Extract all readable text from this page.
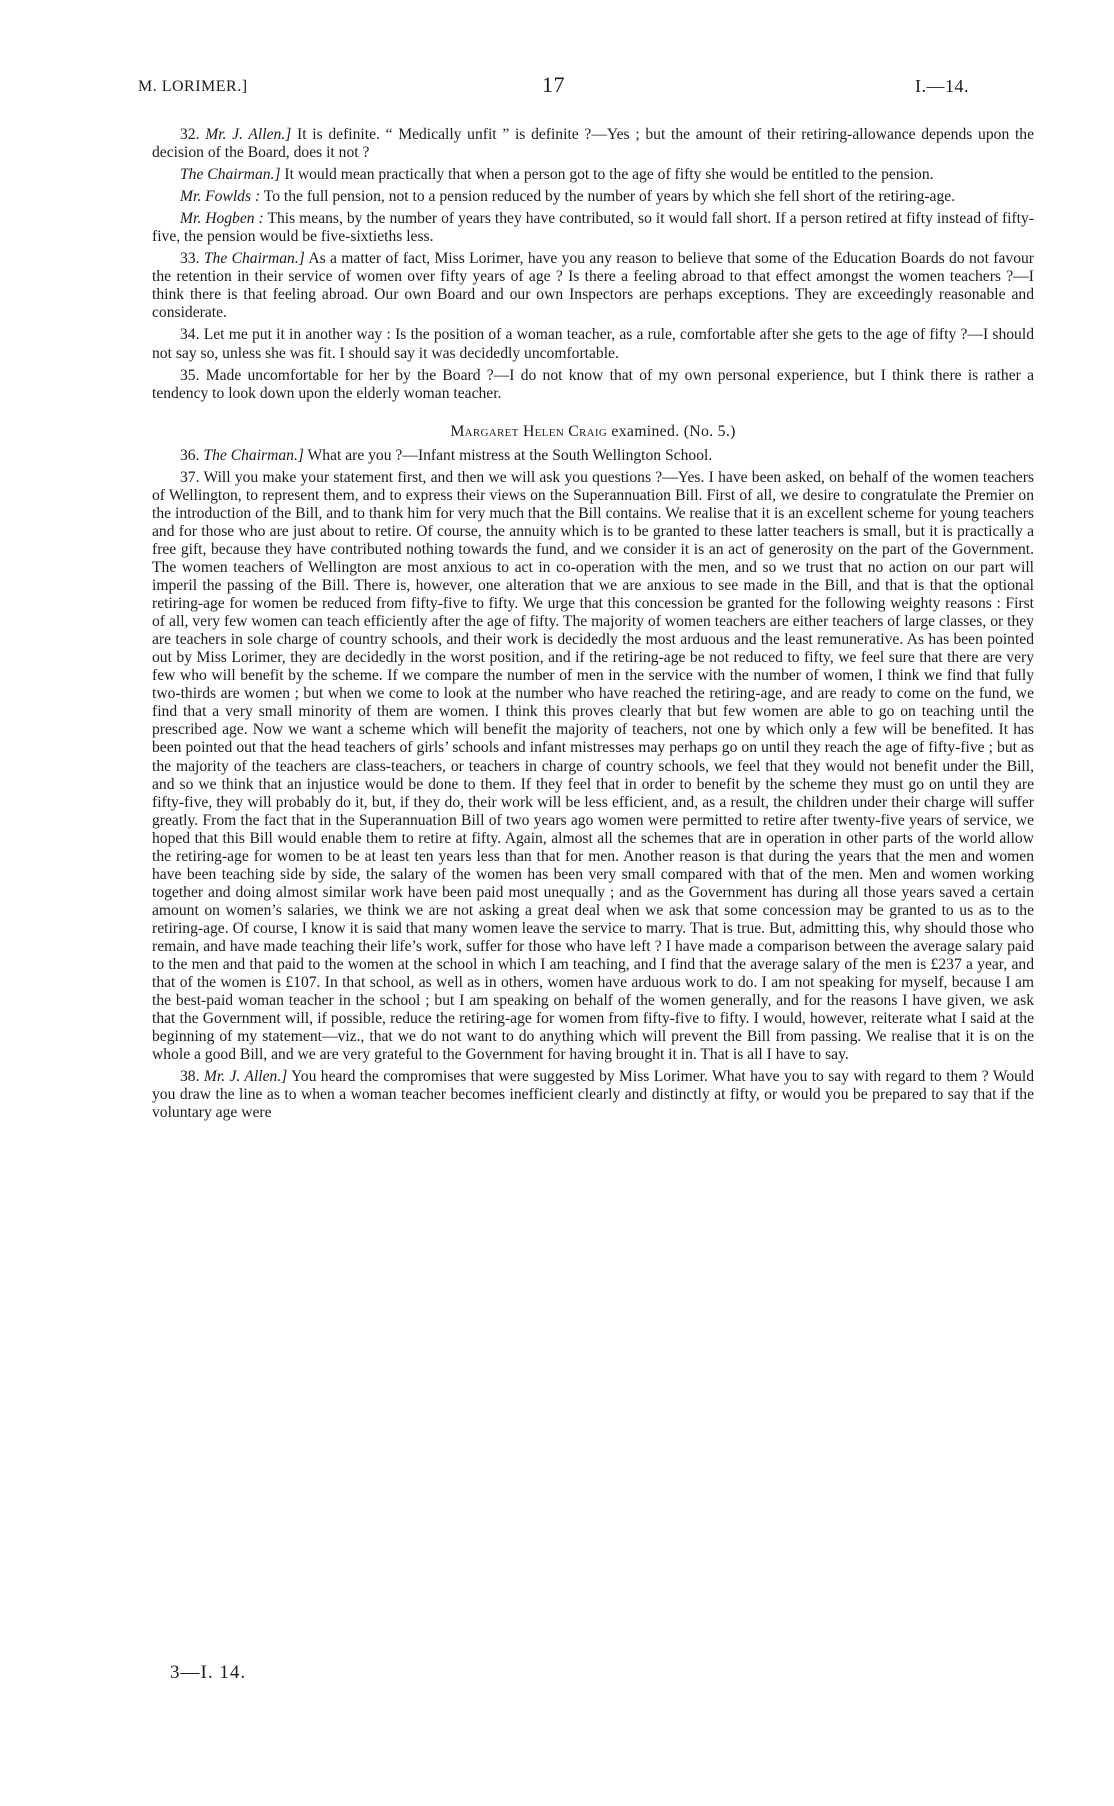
M. LORIMER.]	17	I.—14.

32. Mr. J. Allen.] It is definite. “ Medically unfit ” is definite ?—Yes ; but the amount of their retiring-allowance depends upon the decision of the Board, does it not ?

The Chairman.] It would mean practically that when a person got to the age of fifty she would be entitled to the pension.

Mr. Fowlds : To the full pension, not to a pension reduced by the number of years by which she fell short of the retiring-age.

Mr. Hogben : This means, by the number of years they have contributed, so it would fall short. If a person retired at fifty instead of fifty-five, the pension would be five-sixtieths less.

33. The Chairman.] As a matter of fact, Miss Lorimer, have you any reason to believe that some of the Education Boards do not favour the retention in their service of women over fifty years of age ? Is there a feeling abroad to that effect amongst the women teachers ?—I think there is that feeling abroad. Our own Board and our own Inspectors are perhaps exceptions. They are exceedingly reasonable and considerate.

34. Let me put it in another way : Is the position of a woman teacher, as a rule, comfortable after she gets to the age of fifty ?—I should not say so, unless she was fit. I should say it was decidedly uncomfortable.

35. Made uncomfortable for her by the Board ?—I do not know that of my own personal experience, but I think there is rather a tendency to look down upon the elderly woman teacher.

Margaret Helen Craig examined. (No. 5.)

36. The Chairman.] What are you ?—Infant mistress at the South Wellington School.

37. Will you make your statement first, and then we will ask you questions ?—Yes. I have been asked, on behalf of the women teachers of Wellington, to represent them, and to express their views on the Superannuation Bill. First of all, we desire to congratulate the Premier on the introduction of the Bill, and to thank him for very much that the Bill contains. We realise that it is an excellent scheme for young teachers and for those who are just about to retire. Of course, the annuity which is to be granted to these latter teachers is small, but it is practically a free gift, because they have contributed nothing towards the fund, and we consider it is an act of generosity on the part of the Government. The women teachers of Wellington are most anxious to act in co-operation with the men, and so we trust that no action on our part will imperil the passing of the Bill. There is, however, one alteration that we are anxious to see made in the Bill, and that is that the optional retiring-age for women be reduced from fifty-five to fifty. We urge that this concession be granted for the following weighty reasons : First of all, very few women can teach efficiently after the age of fifty. The majority of women teachers are either teachers of large classes, or they are teachers in sole charge of country schools, and their work is decidedly the most arduous and the least remunerative. As has been pointed out by Miss Lorimer, they are decidedly in the worst position, and if the retiring-age be not reduced to fifty, we feel sure that there are very few who will benefit by the scheme. If we compare the number of men in the service with the number of women, I think we find that fully two-thirds are women ; but when we come to look at the number who have reached the retiring-age, and are ready to come on the fund, we find that a very small minority of them are women. I think this proves clearly that but few women are able to go on teaching until the prescribed age. Now we want a scheme which will benefit the majority of teachers, not one by which only a few will be benefited. It has been pointed out that the head teachers of girls’ schools and infant mistresses may perhaps go on until they reach the age of fifty-five ; but as the majority of the teachers are class-teachers, or teachers in charge of country schools, we feel that they would not benefit under the Bill, and so we think that an injustice would be done to them. If they feel that in order to benefit by the scheme they must go on until they are fifty-five, they will probably do it, but, if they do, their work will be less efficient, and, as a result, the children under their charge will suffer greatly. From the fact that in the Superannuation Bill of two years ago women were permitted to retire after twenty-five years of service, we hoped that this Bill would enable them to retire at fifty. Again, almost all the schemes that are in operation in other parts of the world allow the retiring-age for women to be at least ten years less than that for men. Another reason is that during the years that the men and women have been teaching side by side, the salary of the women has been very small compared with that of the men. Men and women working together and doing almost similar work have been paid most unequally ; and as the Government has during all those years saved a certain amount on women’s salaries, we think we are not asking a great deal when we ask that some concession may be granted to us as to the retiring-age. Of course, I know it is said that many women leave the service to marry. That is true. But, admitting this, why should those who remain, and have made teaching their life’s work, suffer for those who have left ? I have made a comparison between the average salary paid to the men and that paid to the women at the school in which I am teaching, and I find that the average salary of the men is £237 a year, and that of the women is £107. In that school, as well as in others, women have arduous work to do. I am not speaking for myself, because I am the best-paid woman teacher in the school ; but I am speaking on behalf of the women generally, and for the reasons I have given, we ask that the Government will, if possible, reduce the retiring-age for women from fifty-five to fifty. I would, however, reiterate what I said at the beginning of my statement—viz., that we do not want to do anything which will prevent the Bill from passing. We realise that it is on the whole a good Bill, and we are very grateful to the Government for having brought it in. That is all I have to say.

38. Mr. J. Allen.] You heard the compromises that were suggested by Miss Lorimer. What have you to say with regard to them ? Would you draw the line as to when a woman teacher becomes inefficient clearly and distinctly at fifty, or would you be prepared to say that if the voluntary age were

3—I. 14.
